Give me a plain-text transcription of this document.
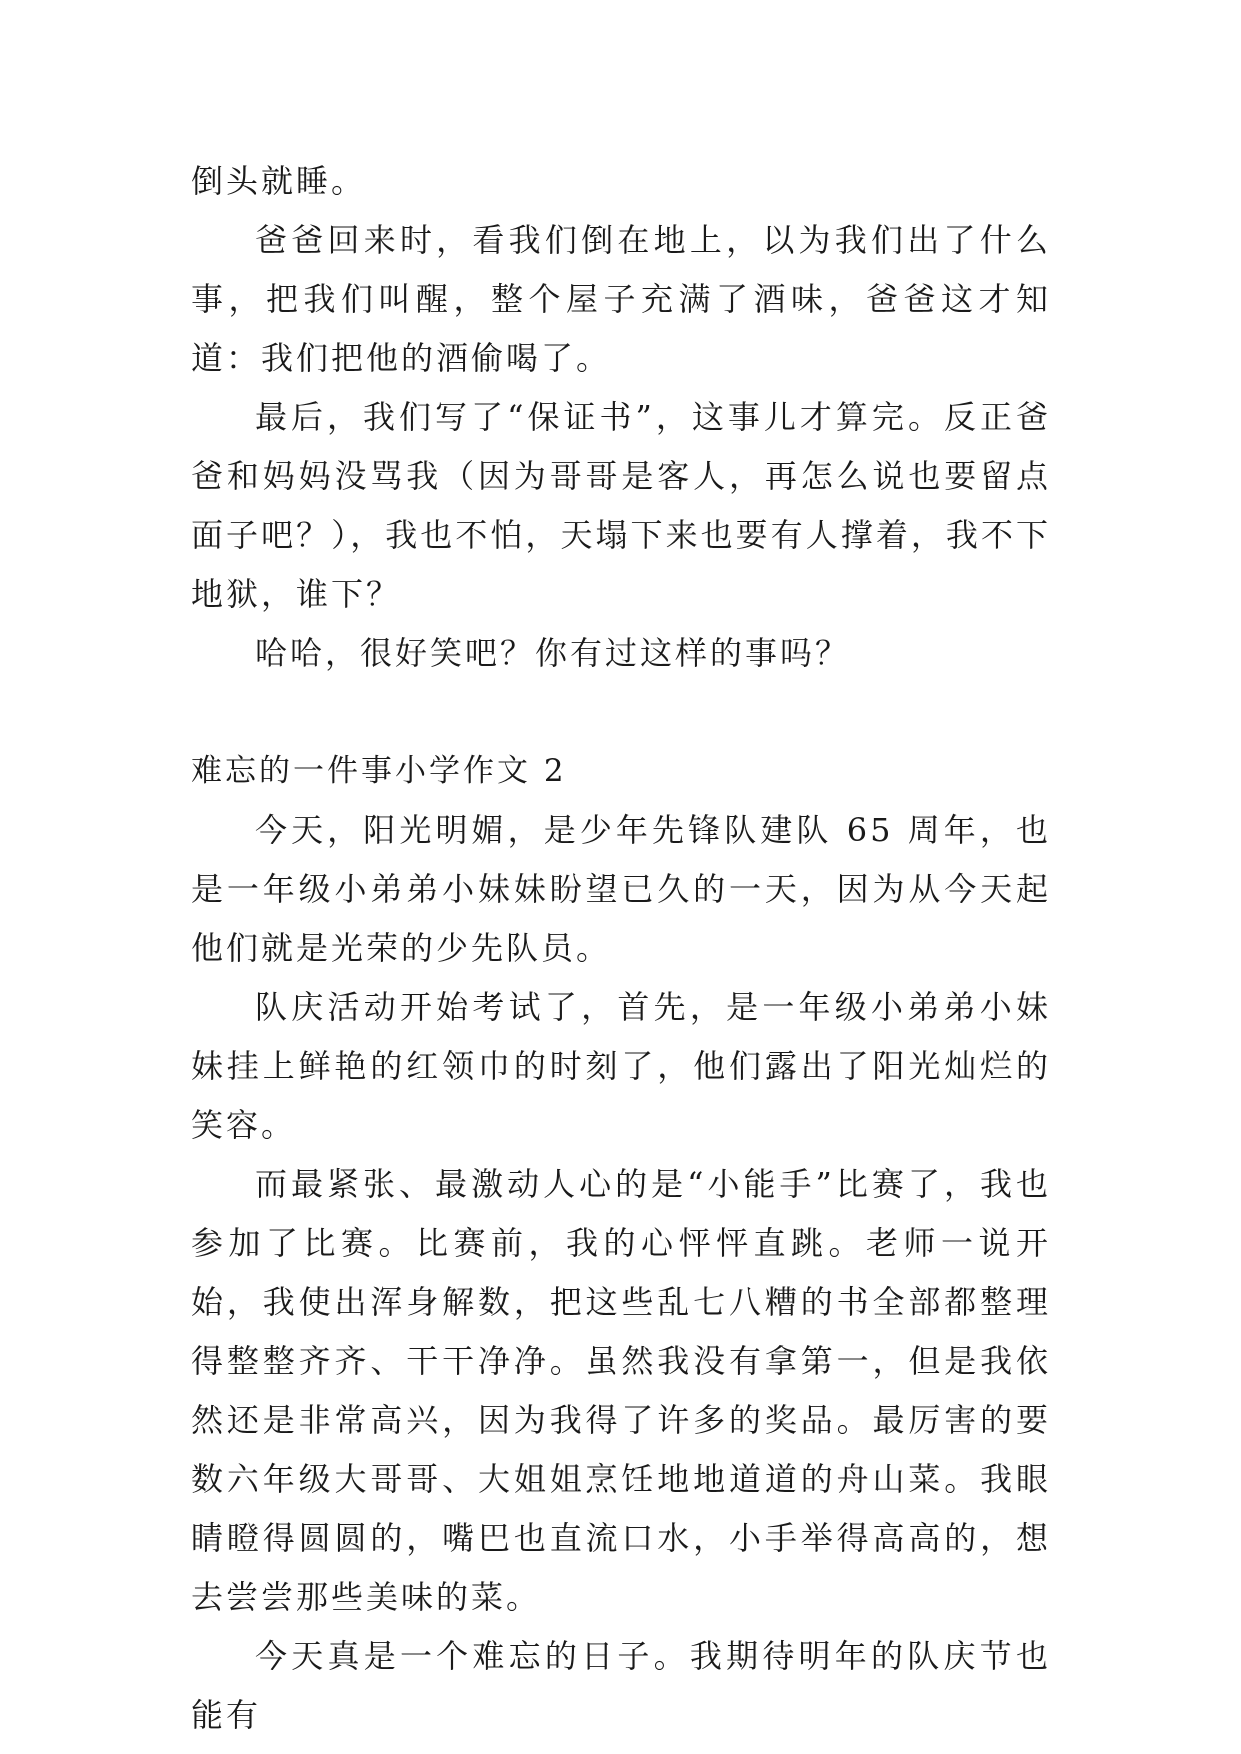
倒头就睡。

爸爸回来时，看我们倒在地上，以为我们出了什么事，把我们叫醒，整个屋子充满了酒味，爸爸这才知道：我们把他的酒偷喝了。

最后，我们写了“保证书”，这事儿才算完。反正爸爸和妈妈没骂我（因为哥哥是客人，再怎么说也要留点面子吧？），我也不怕，天塌下来也要有人撑着，我不下地狱，谁下？

哈哈，很好笑吧？你有过这样的事吗？

难忘的一件事小学作文 2

今天，阳光明媚，是少年先锋队建队 65 周年，也是一年级小弟弟小妹妹盼望已久的一天，因为从今天起他们就是光荣的少先队员。

队庆活动开始考试了，首先，是一年级小弟弟小妹妹挂上鲜艳的红领巾的时刻了，他们露出了阳光灿烂的笑容。

而最紧张、最激动人心的是“小能手”比赛了，我也参加了比赛。比赛前，我的心怦怦直跳。老师一说开始，我使出浑身解数，把这些乱七八糟的书全部都整理得整整齐齐、干干净净。虽然我没有拿第一，但是我依然还是非常高兴，因为我得了许多的奖品。最厉害的要数六年级大哥哥、大姐姐烹饪地地道道的舟山菜。我眼睛瞪得圆圆的，嘴巴也直流口水，小手举得高高的，想去尝尝那些美味的菜。

今天真是一个难忘的日子。我期待明年的队庆节也能有
